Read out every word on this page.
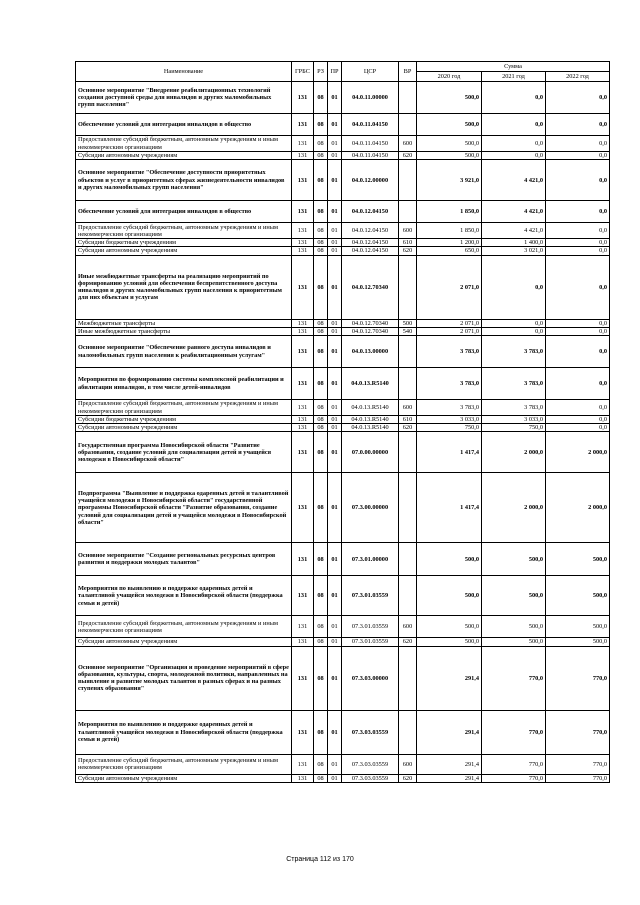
Наименование	ГРБС	РЗ	ПР	ЦСР	ВР	Сумма		
						2020 год	2021 год	2022 год
Основное мероприятие "Внедрение реабилитационных технологий создания доступной среды для инвалидов и других маломобильных групп населения"	131	08	01	04.0.11.00000		500,0	0,0	0,0
Обеспечение условий для интеграции инвалидов в общество	131	08	01	04.0.11.04150		500,0	0,0	0,0
Предоставление субсидий бюджетным, автономным учреждениям и иным некоммерческим организациям	131	08	01	04.0.11.04150	600	500,0	0,0	0,0
Субсидии автономным учреждениям	131	08	01	04.0.11.04150	620	500,0	0,0	0,0
Основное мероприятие "Обеспечение доступности приоритетных объектов и услуг в приоритетных сферах жизнедеятельности инвалидов и других маломобильных групп населения"	131	08	01	04.0.12.00000		3 921,0	4 421,0	0,0
Обеспечение условий для интеграции инвалидов в общество	131	08	01	04.0.12.04150		1 850,0	4 421,0	0,0
Предоставление субсидий бюджетным, автономным учреждениям и иным некоммерческим организациям	131	08	01	04.0.12.04150	600	1 850,0	4 421,0	0,0
Субсидии бюджетным учреждениям	131	08	01	04.0.12.04150	610	1 200,0	1 400,0	0,0
Субсидии автономным учреждениям	131	08	01	04.0.12.04150	620	650,0	3 021,0	0,0
Иные межбюджетные трансферты на реализацию мероприятий по формированию условий для обеспечения беспрепятственного доступа инвалидов и других маломобильных групп населения к приоритетным для них объектам и услугам	131	08	01	04.0.12.70340		2 071,0	0,0	0,0
Межбюджетные трансферты	131	08	01	04.0.12.70340	500	2 071,0	0,0	0,0
Иные межбюджетные трансферты	131	08	01	04.0.12.70340	540	2 071,0	0,0	0,0
Основное мероприятие "Обеспечение равного доступа инвалидов и маломобильных групп населения к реабилитационным услугам"	131	08	01	04.0.13.00000		3 783,0	3 783,0	0,0
Мероприятия по формированию системы комплексной реабилитации и абилитации инвалидов, в том числе детей-инвалидов	131	08	01	04.0.13.R5140		3 783,0	3 783,0	0,0
Предоставление субсидий бюджетным, автономным учреждениям и иным некоммерческим организациям	131	08	01	04.0.13.R5140	600	3 783,0	3 783,0	0,0
Субсидии бюджетным учреждениям	131	08	01	04.0.13.R5140	610	3 033,0	3 033,0	0,0
Субсидии автономным учреждениям	131	08	01	04.0.13.R5140	620	750,0	750,0	0,0
Государственная программа Новосибирской области "Развитие образования, создание условий для социализации детей и учащейся молодежи в Новосибирской области"	131	08	01	07.0.00.00000		1 417,4	2 000,0	2 000,0
Подпрограмма "Выявление и поддержка одаренных детей и талантливой учащейся молодежи в Новосибирской области" государственной программы Новосибирской области "Развитие образования, создание условий для социализации детей и учащейся молодежи в Новосибирской области"	131	08	01	07.3.00.00000		1 417,4	2 000,0	2 000,0
Основное мероприятие "Создание региональных ресурсных центров развития и поддержки молодых талантов"	131	08	01	07.3.01.00000		500,0	500,0	500,0
Мероприятия по выявлению и поддержке одаренных детей и талантливой учащейся молодежи в Новосибирской области (поддержка семьи и детей)	131	08	01	07.3.01.03559		500,0	500,0	500,0
Предоставление субсидий бюджетным, автономным учреждениям и иным некоммерческим организациям	131	08	01	07.3.01.03559	600	500,0	500,0	500,0
Субсидии автономным учреждениям	131	08	01	07.3.01.03559	620	500,0	500,0	500,0
Основное мероприятие "Организация и проведение мероприятий в сфере образования, культуры, спорта, молодежной политики, направленных на выявление и развитие молодых талантов в разных сферах и на разных ступенях образования"	131	08	01	07.3.03.00000		291,4	770,0	770,0
Мероприятия по выявлению и поддержке одаренных детей и талантливой учащейся молодежи в Новосибирской области (поддержка семьи и детей)	131	08	01	07.3.03.03559		291,4	770,0	770,0
Предоставление субсидий бюджетным, автономным учреждениям и иным некоммерческим организациям	131	08	01	07.3.03.03559	600	291,4	770,0	770,0
Субсидии автономным учреждениям	131	08	01	07.3.03.03559	620	291,4	770,0	770,0
Страница 112 из 170
